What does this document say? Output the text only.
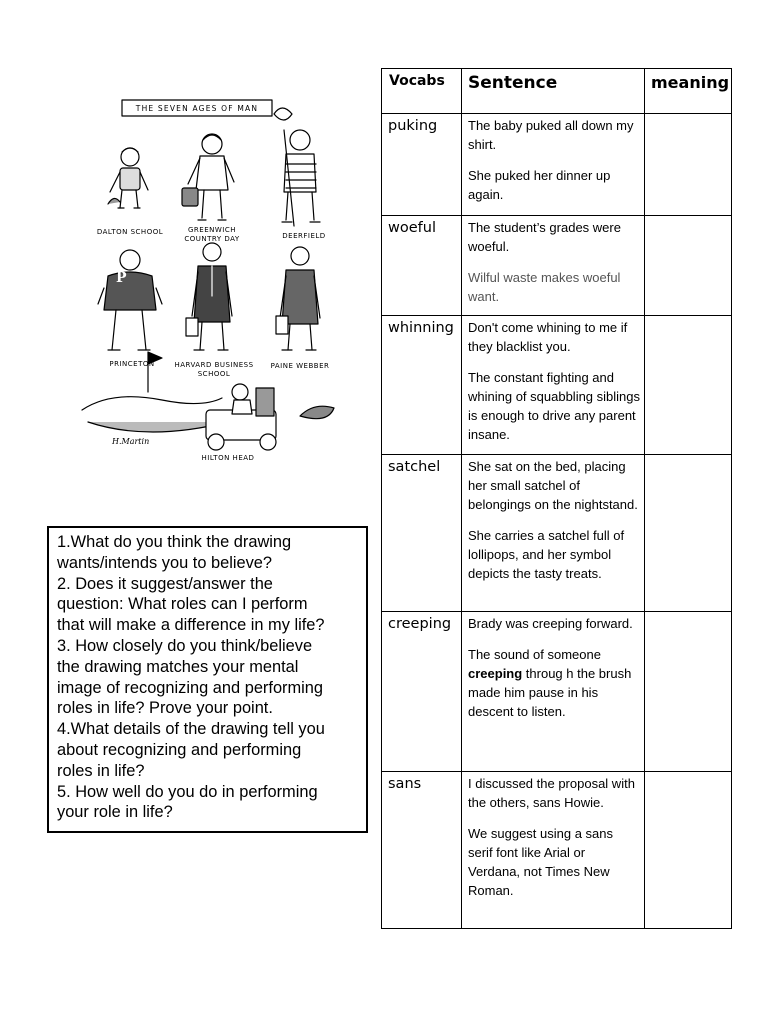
THE SEVEN AGES OF MAN
DALTON SCHOOL	GREENWICH
COUNTRY DAY	DEERFIELD
PRINCETON	HARVARD BUSINESS
SCHOOL
PAINE WEBBER
HILTON HEAD
P
H.Martin

1.What do you think the drawing

wants/intends you to believe?

2. Does it suggest/answer the

question: What roles can I perform

that will make a difference in my life?

3. How closely do you think/believe

the drawing matches your mental

image of recognizing and performing

roles in life? Prove your point.

4.What details of the drawing tell you

about recognizing and performing

roles in life?

5. How well do you do in performing

your role in life?

Vocabs	Sentence	meaning
puking	The baby puked all down my shirt.

She puked her dinner up again.	

woeful	The student’s grades were woeful.

Wilful waste makes woeful want.	

whinning	Don't come whining to me if they blacklist you.

The constant fighting and whining of squabbling siblings is enough to drive any parent insane.	

satchel	She sat on the bed, placing her small satchel of belongings on the nightstand.

She carries a satchel full of lollipops, and her symbol depicts the tasty treats.	

creeping	Brady was creeping forward.

The sound of someone creeping throug h the brush made him pause in his descent to listen.	

sans	I discussed the proposal with the others, sans Howie.

We suggest using a sans serif font like Arial or Verdana, not Times New Roman.	
